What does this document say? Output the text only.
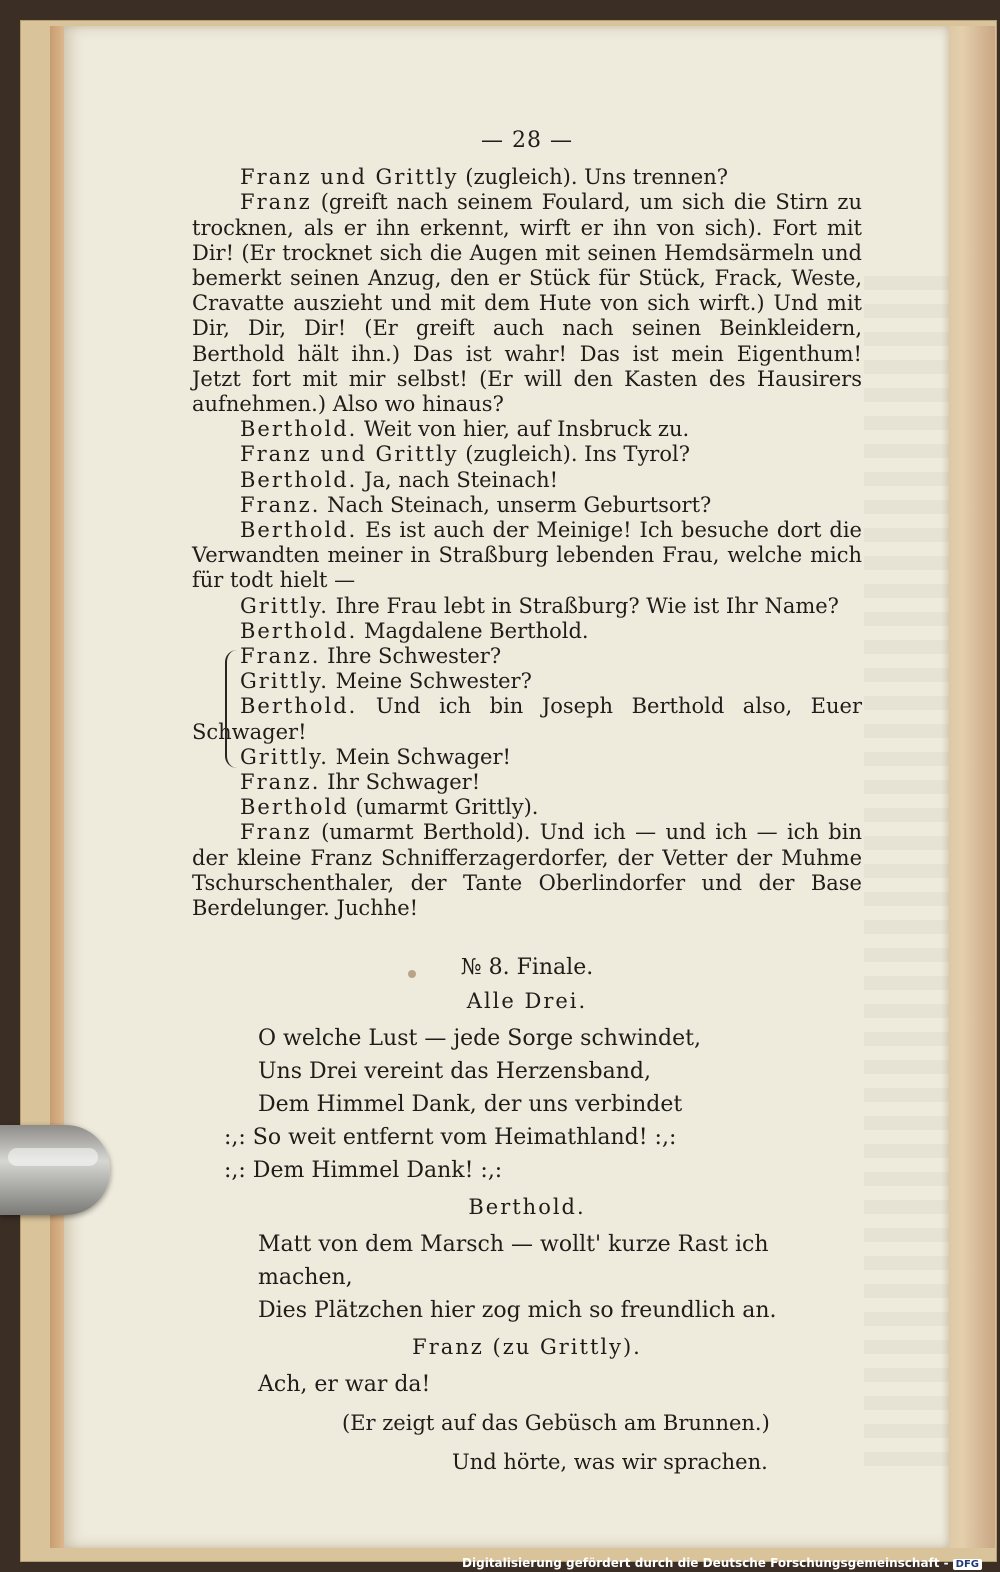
— 28 —

Franz und Grittly (zugleich). Uns trennen?

Franz (greift nach seinem Foulard, um sich die Stirn zu trocknen, als er ihn erkennt, wirft er ihn von sich). Fort mit Dir! (Er trocknet sich die Augen mit seinen Hemdsärmeln und bemerkt seinen Anzug, den er Stück für Stück, Frack, Weste, Cravatte auszieht und mit dem Hute von sich wirft.) Und mit Dir, Dir, Dir! (Er greift auch nach seinen Beinkleidern, Berthold hält ihn.) Das ist wahr! Das ist mein Eigenthum! Jetzt fort mit mir selbst! (Er will den Kasten des Hausirers aufnehmen.) Also wo hinaus?

Berthold. Weit von hier, auf Insbruck zu.

Franz und Grittly (zugleich). Ins Tyrol?

Berthold. Ja, nach Steinach!

Franz. Nach Steinach, unserm Geburtsort?

Berthold. Es ist auch der Meinige! Ich besuche dort die Verwandten meiner in Straßburg lebenden Frau, welche mich für todt hielt —

Grittly. Ihre Frau lebt in Straßburg? Wie ist Ihr Name?

Berthold. Magdalene Berthold.

Franz. Ihre Schwester?

Grittly. Meine Schwester?

Berthold. Und ich bin Joseph Berthold also, Euer Schwager!

Grittly. Mein Schwager!

Franz. Ihr Schwager!

Berthold (umarmt Grittly).

Franz (umarmt Berthold). Und ich — und ich — ich bin der kleine Franz Schnifferzagerdorfer, der Vetter der Muhme Tschurschenthaler, der Tante Oberlindorfer und der Base Berdelunger. Juchhe!

№ 8. Finale.
Alle Drei.

O welche Lust — jede Sorge schwindet,

Uns Drei vereint das Herzensband,

Dem Himmel Dank, der uns verbindet

:,: So weit entfernt vom Heimathland! :,:

:,: Dem Himmel Dank! :,:

Berthold.

Matt von dem Marsch — wollt' kurze Rast ich machen,

Dies Plätzchen hier zog mich so freundlich an.

Franz (zu Grittly).

Ach, er war da!

(Er zeigt auf das Gebüsch am Brunnen.)

Und hörte, was wir sprachen.

Digitalisierung gefördert durch die Deutsche Forschungsgemeinschaft - DFG
